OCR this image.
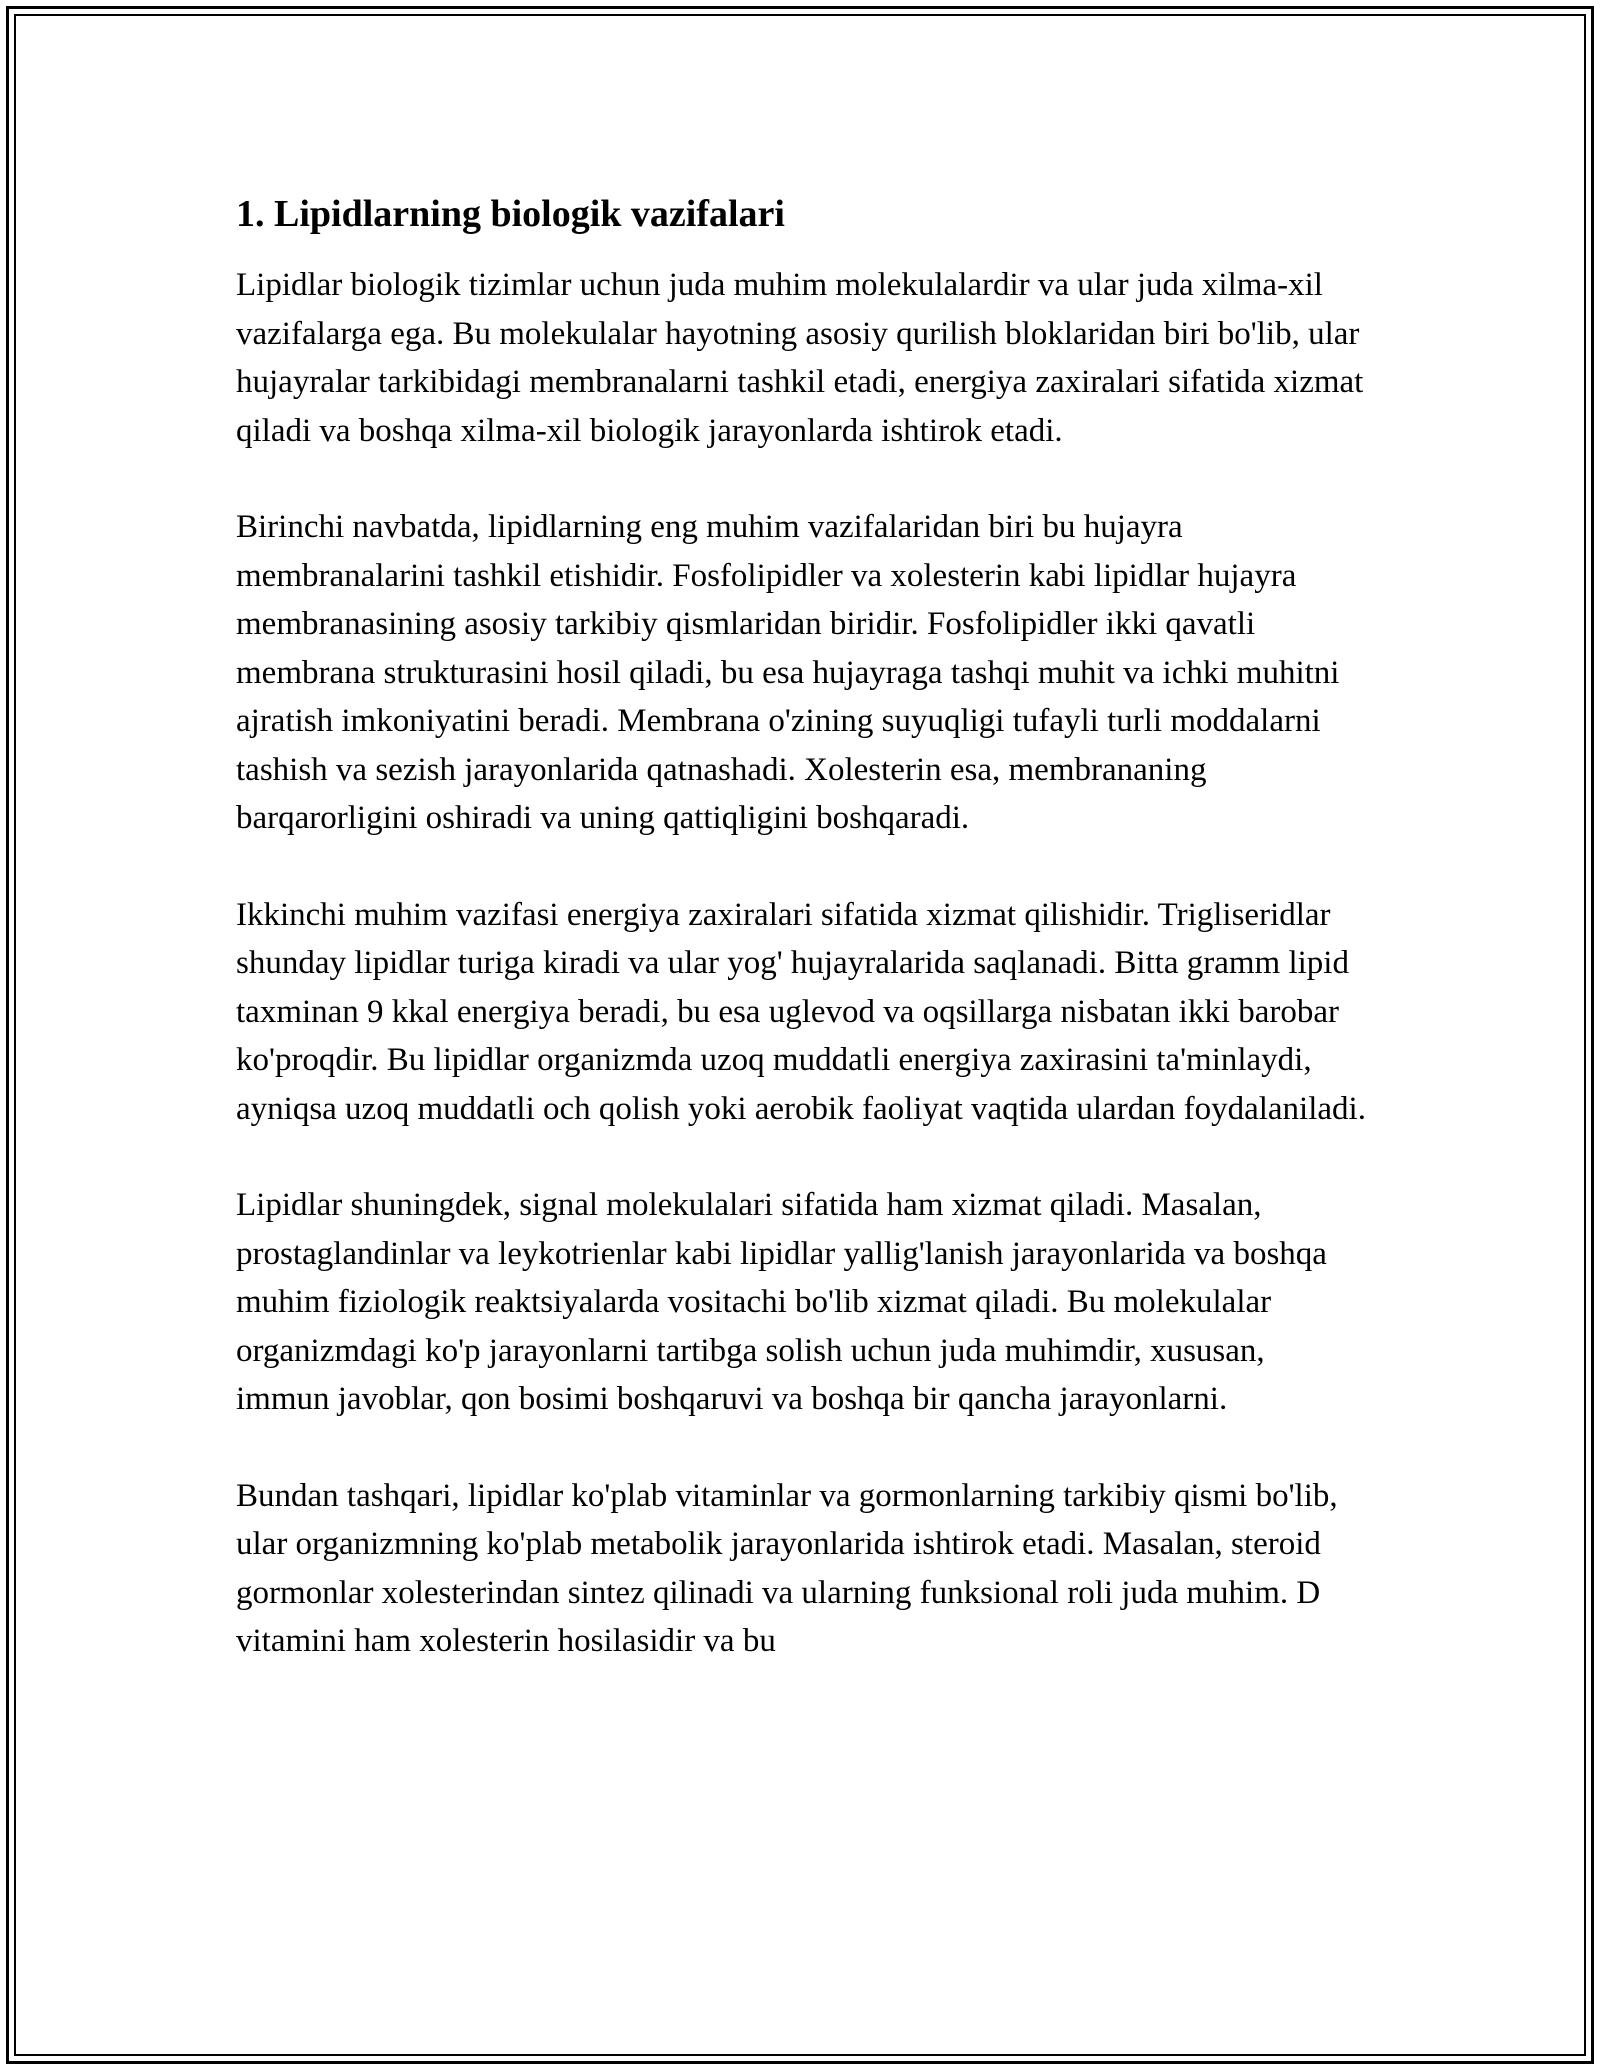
1. Lipidlarning biologik vazifalari

Lipidlar biologik tizimlar uchun juda muhim molekulalardir va ular juda xilma-xil vazifalarga ega. Bu molekulalar hayotning asosiy qurilish bloklaridan biri bo'lib, ular hujayralar tarkibidagi membranalarni tashkil etadi, energiya zaxiralari sifatida xizmat qiladi va boshqa xilma-xil biologik jarayonlarda ishtirok etadi.

Birinchi navbatda, lipidlarning eng muhim vazifalaridan biri bu hujayra membranalarini tashkil etishidir. Fosfolipidler va xolesterin kabi lipidlar hujayra membranasining asosiy tarkibiy qismlaridan biridir. Fosfolipidler ikki qavatli membrana strukturasini hosil qiladi, bu esa hujayraga tashqi muhit va ichki muhitni ajratish imkoniyatini beradi. Membrana o'zining suyuqligi tufayli turli moddalarni tashish va sezish jarayonlarida qatnashadi. Xolesterin esa, membrananing barqarorligini oshiradi va uning qattiqligini boshqaradi.

Ikkinchi muhim vazifasi energiya zaxiralari sifatida xizmat qilishidir. Trigliseridlar shunday lipidlar turiga kiradi va ular yog' hujayralarida saqlanadi. Bitta gramm lipid taxminan 9 kkal energiya beradi, bu esa uglevod va oqsillarga nisbatan ikki barobar ko'proqdir. Bu lipidlar organizmda uzoq muddatli energiya zaxirasini ta'minlaydi, ayniqsa uzoq muddatli och qolish yoki aerobik faoliyat vaqtida ulardan foydalaniladi.

Lipidlar shuningdek, signal molekulalari sifatida ham xizmat qiladi. Masalan, prostaglandinlar va leykotrienlar kabi lipidlar yallig'lanish jarayonlarida va boshqa muhim fiziologik reaktsiyalarda vositachi bo'lib xizmat qiladi. Bu molekulalar organizmdagi ko'p jarayonlarni tartibga solish uchun juda muhimdir, xususan, immun javoblar, qon bosimi boshqaruvi va boshqa bir qancha jarayonlarni.

Bundan tashqari, lipidlar ko'plab vitaminlar va gormonlarning tarkibiy qismi bo'lib, ular organizmning ko'plab metabolik jarayonlarida ishtirok etadi. Masalan, steroid gormonlar xolesterindan sintez qilinadi va ularning funksional roli juda muhim. D vitamini ham xolesterin hosilasidir va bu
